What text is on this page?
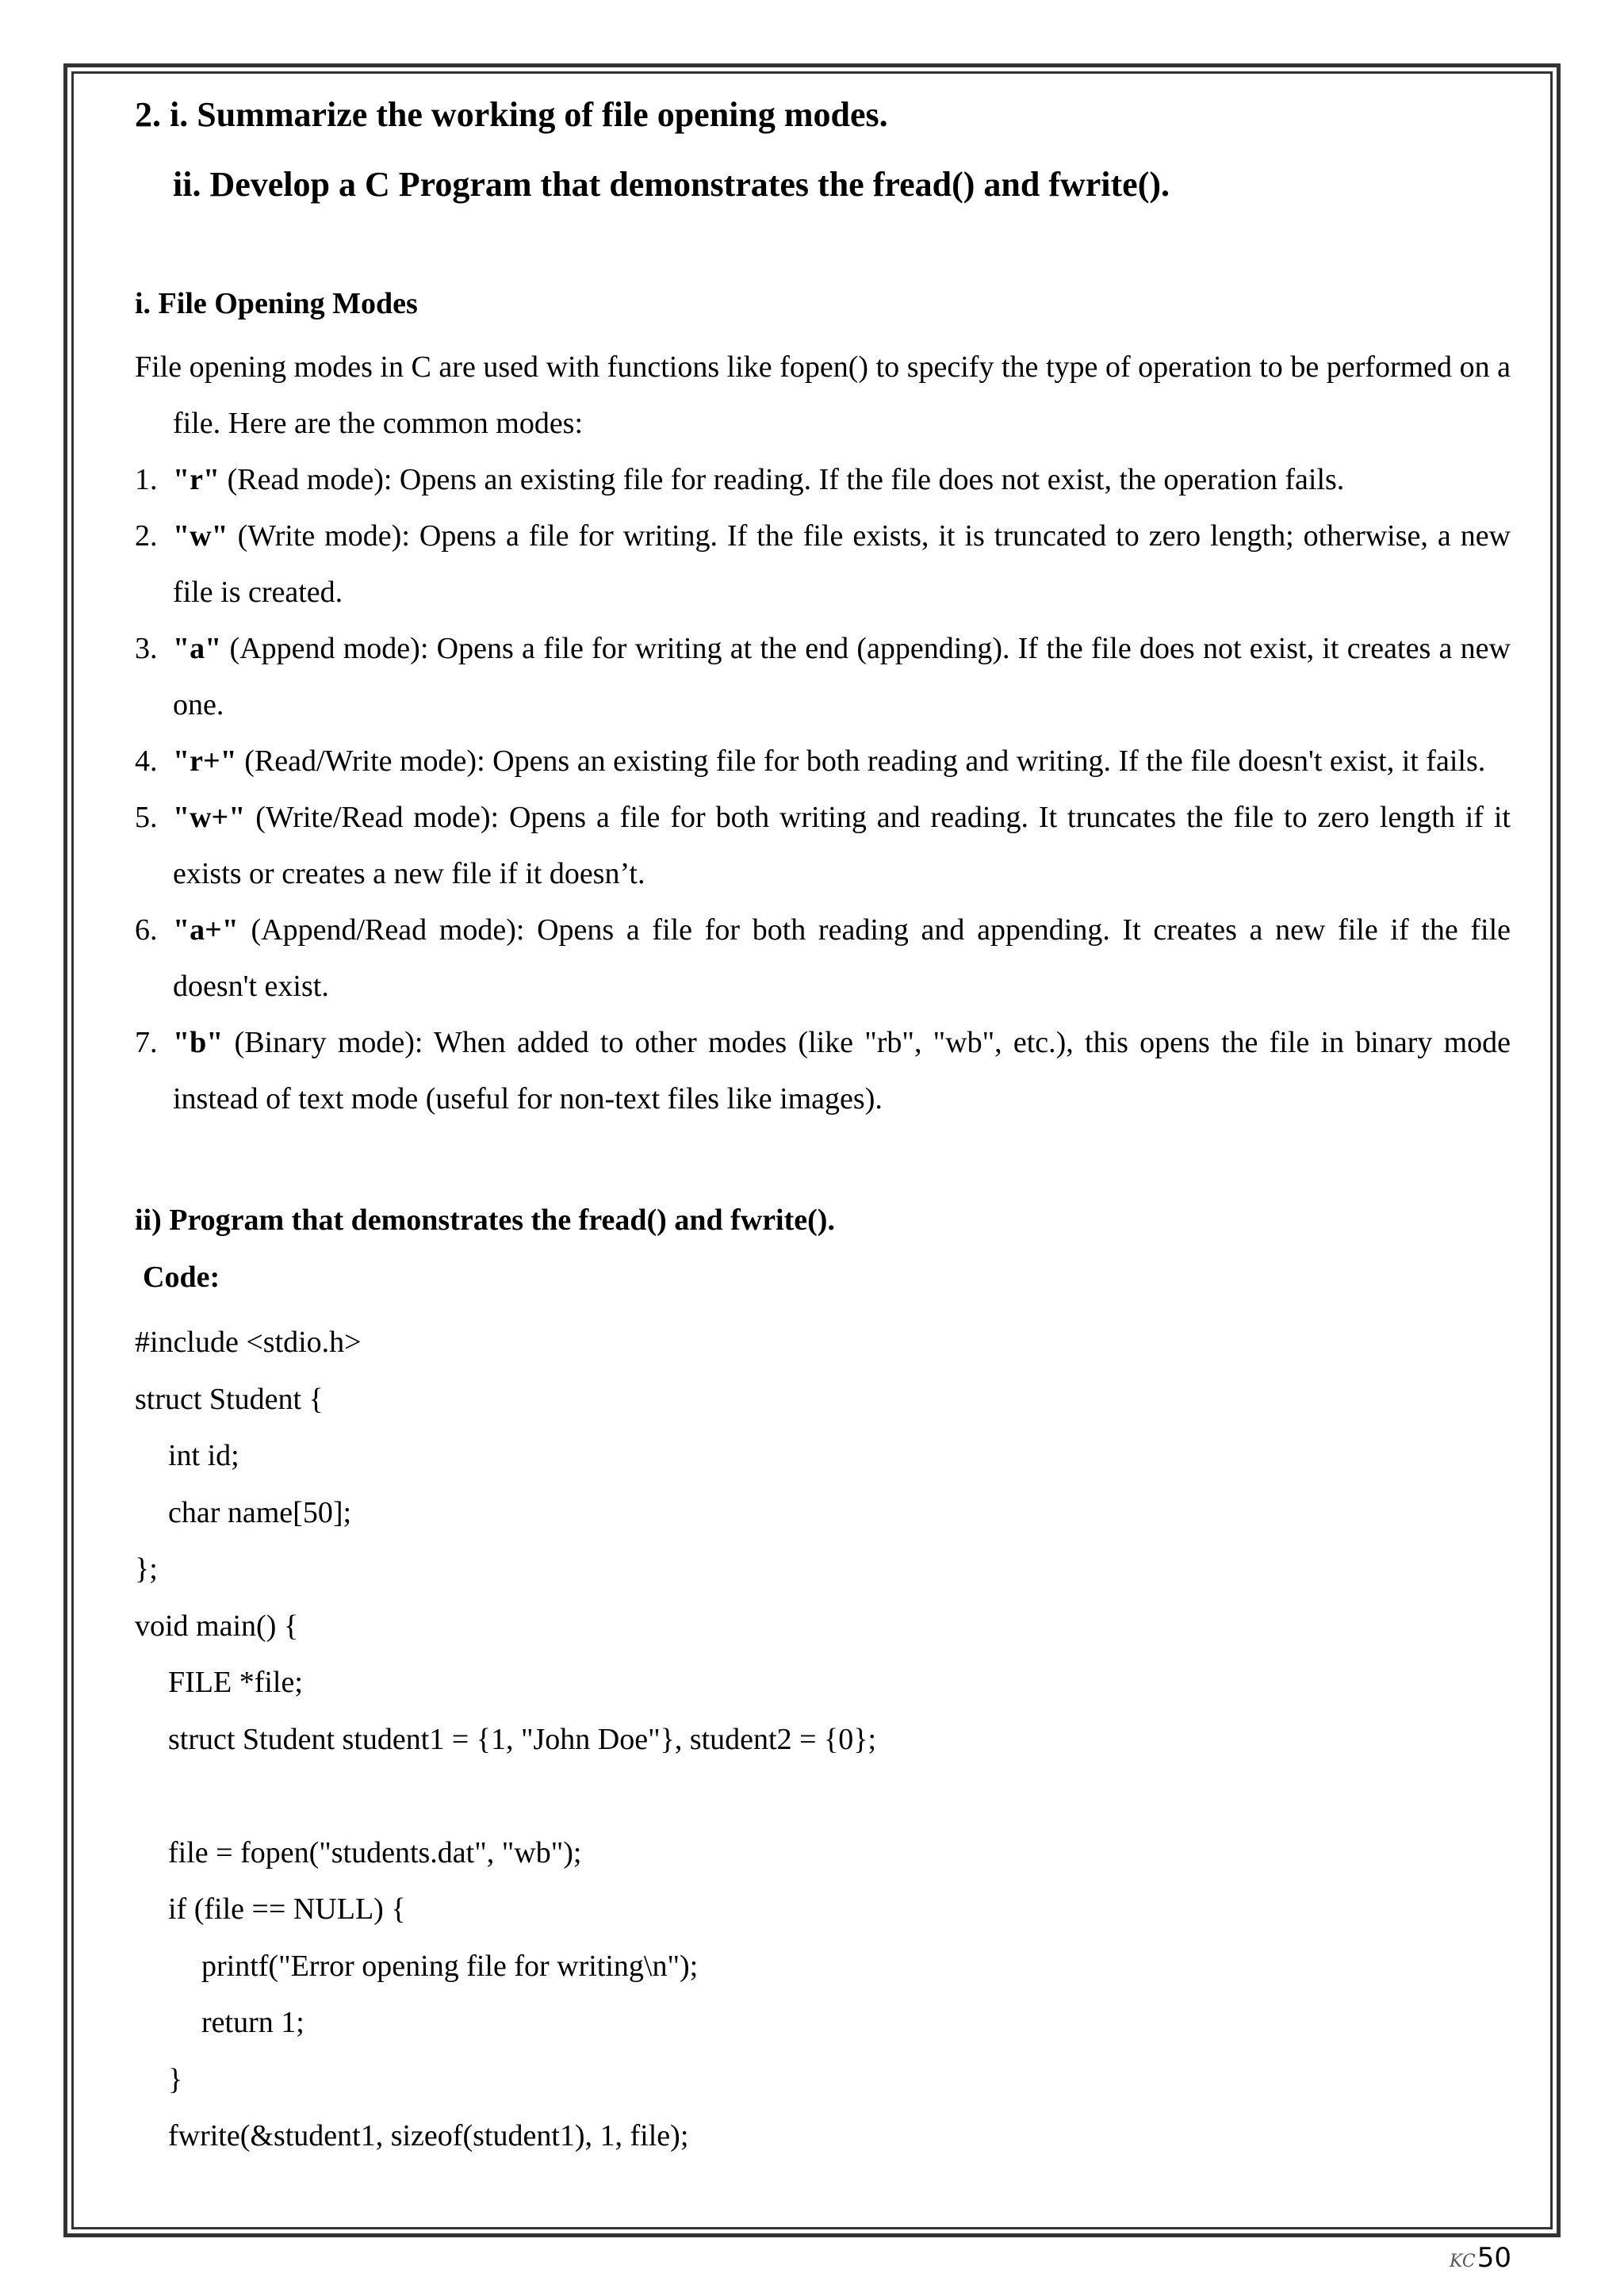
2. i. Summarize the working of file opening modes.

ii. Develop a C Program that demonstrates the fread() and fwrite().

i. File Opening Modes

File opening modes in C are used with functions like fopen() to specify the type of operation to be performed on a file. Here are the common modes:

1. "r" (Read mode): Opens an existing file for reading. If the file does not exist, the operation fails.
2. "w" (Write mode): Opens a file for writing. If the file exists, it is truncated to zero length; otherwise, a new file is created.
3. "a" (Append mode): Opens a file for writing at the end (appending). If the file does not exist, it creates a new one.
4. "r+" (Read/Write mode): Opens an existing file for both reading and writing. If the file doesn't exist, it fails.
5. "w+" (Write/Read mode): Opens a file for both writing and reading. It truncates the file to zero length if it exists or creates a new file if it doesn’t.
6. "a+" (Append/Read mode): Opens a file for both reading and appending. It creates a new file if the file doesn't exist.
7. "b" (Binary mode): When added to other modes (like "rb", "wb", etc.), this opens the file in binary mode instead of text mode (useful for non-text files like images).
ii) Program that demonstrates the fread() and fwrite().
Code:
#include <stdio.h>
struct Student {
int id;
char name[50];
};
void main() {
FILE *file;
struct Student student1 = {1, "John Doe"}, student2 = {0};
file = fopen("students.dat", "wb");
if (file == NULL) {
printf("Error opening file for writing\n");
return 1;
}
fwrite(&student1, sizeof(student1), 1, file);
KC50
